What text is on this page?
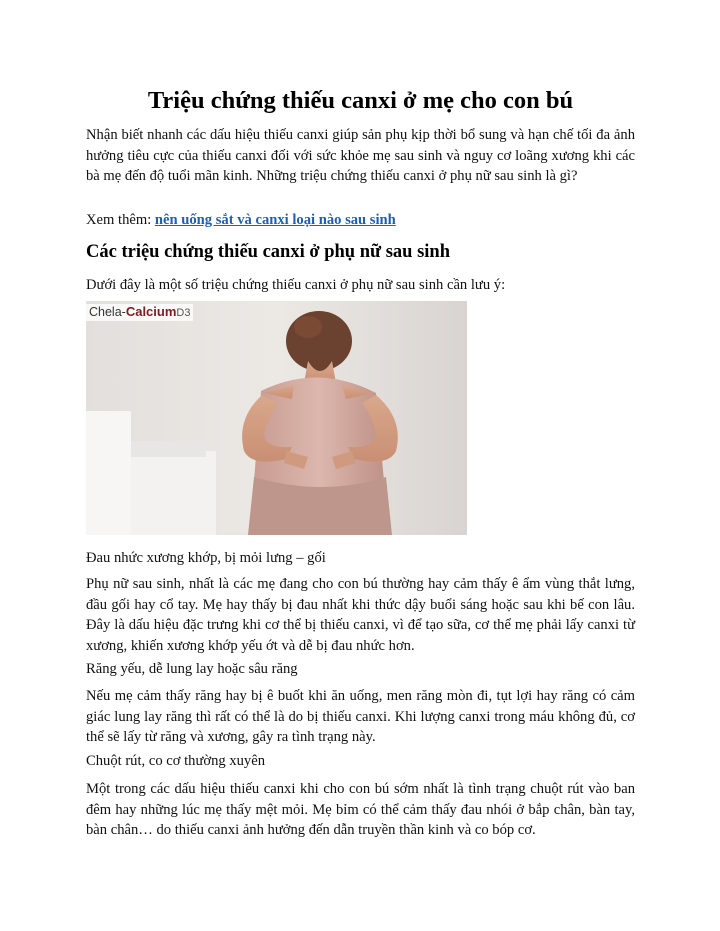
Triệu chứng thiếu canxi ở mẹ cho con bú

Nhận biết nhanh các dấu hiệu thiếu canxi giúp sản phụ kịp thời bổ sung và hạn chế tối đa ảnh hưởng tiêu cực của thiếu canxi đối với sức khỏe mẹ sau sinh và nguy cơ loãng xương khi các bà mẹ đến độ tuổi mãn kinh. Những triệu chứng thiếu canxi ở phụ nữ sau sinh là gì?

Xem thêm: nên uống sắt và canxi loại nào sau sinh

Các triệu chứng thiếu canxi ở phụ nữ sau sinh

Dưới đây là một số triệu chứng thiếu canxi ở phụ nữ sau sinh cần lưu ý:

Chela-CalciumD3

Đau nhức xương khớp, bị mỏi lưng – gối

Phụ nữ sau sinh, nhất là các mẹ đang cho con bú thường hay cảm thấy ê ẩm vùng thắt lưng, đầu gối hay cổ tay. Mẹ hay thấy bị đau nhất khi thức dậy buổi sáng hoặc sau khi bế con lâu. Đây là dấu hiệu đặc trưng khi cơ thể bị thiếu canxi, vì để tạo sữa, cơ thể mẹ phải lấy canxi từ xương, khiến xương khớp yếu ớt và dễ bị đau nhức hơn.

Răng yếu, dễ lung lay hoặc sâu răng

Nếu mẹ cảm thấy răng hay bị ê buốt khi ăn uống, men răng mòn đi, tụt lợi hay răng có cảm giác lung lay răng thì rất có thể là do bị thiếu canxi. Khi lượng canxi trong máu không đủ, cơ thể sẽ lấy từ răng và xương, gây ra tình trạng này.

Chuột rút, co cơ thường xuyên

Một trong các dấu hiệu thiếu canxi khi cho con bú sớm nhất là tình trạng chuột rút vào ban đêm hay những lúc mẹ thấy mệt mỏi. Mẹ bỉm có thể cảm thấy đau nhói ở bắp chân, bàn tay, bàn chân… do thiếu canxi ảnh hưởng đến dẫn truyền thần kinh và co bóp cơ.
